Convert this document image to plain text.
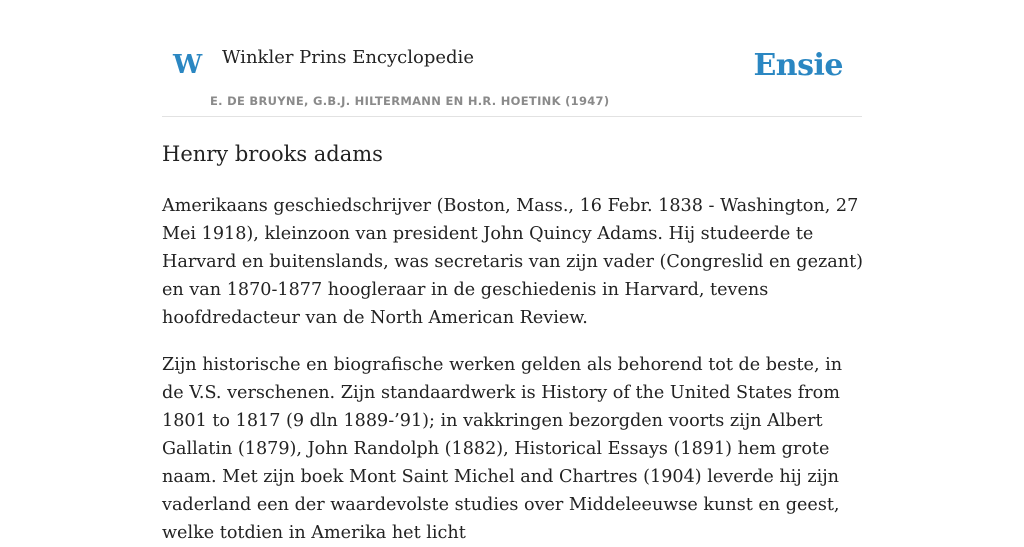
W Winkler Prins Encyclopedie
E. DE BRUYNE, G.B.J. HILTERMANN EN H.R. HOETINK (1947)
Ensie
Henry brooks adams

Amerikaans geschiedschrijver (Boston, Mass., 16 Febr. 1838 - Washington, 27 Mei 1918), kleinzoon van president John Quincy Adams. Hij studeerde te Harvard en buitenslands, was secretaris van zijn vader (Congreslid en gezant) en van 1870-1877 hoogleraar in de geschiedenis in Harvard, tevens hoofdredacteur van de North American Review.

Zijn historische en biografische werken gelden als behorend tot de beste, in de V.S. verschenen. Zijn standaardwerk is History of the United States from 1801 to 1817 (9 dln 1889-’91); in vakkringen bezorgden voorts zijn Albert Gallatin (1879), John Randolph (1882), Historical Essays (1891) hem grote naam. Met zijn boek Mont Saint Michel and Chartres (1904) leverde hij zijn vaderland een der waardevolste studies over Middeleeuwse kunst en geest, welke totdien in Amerika het licht
